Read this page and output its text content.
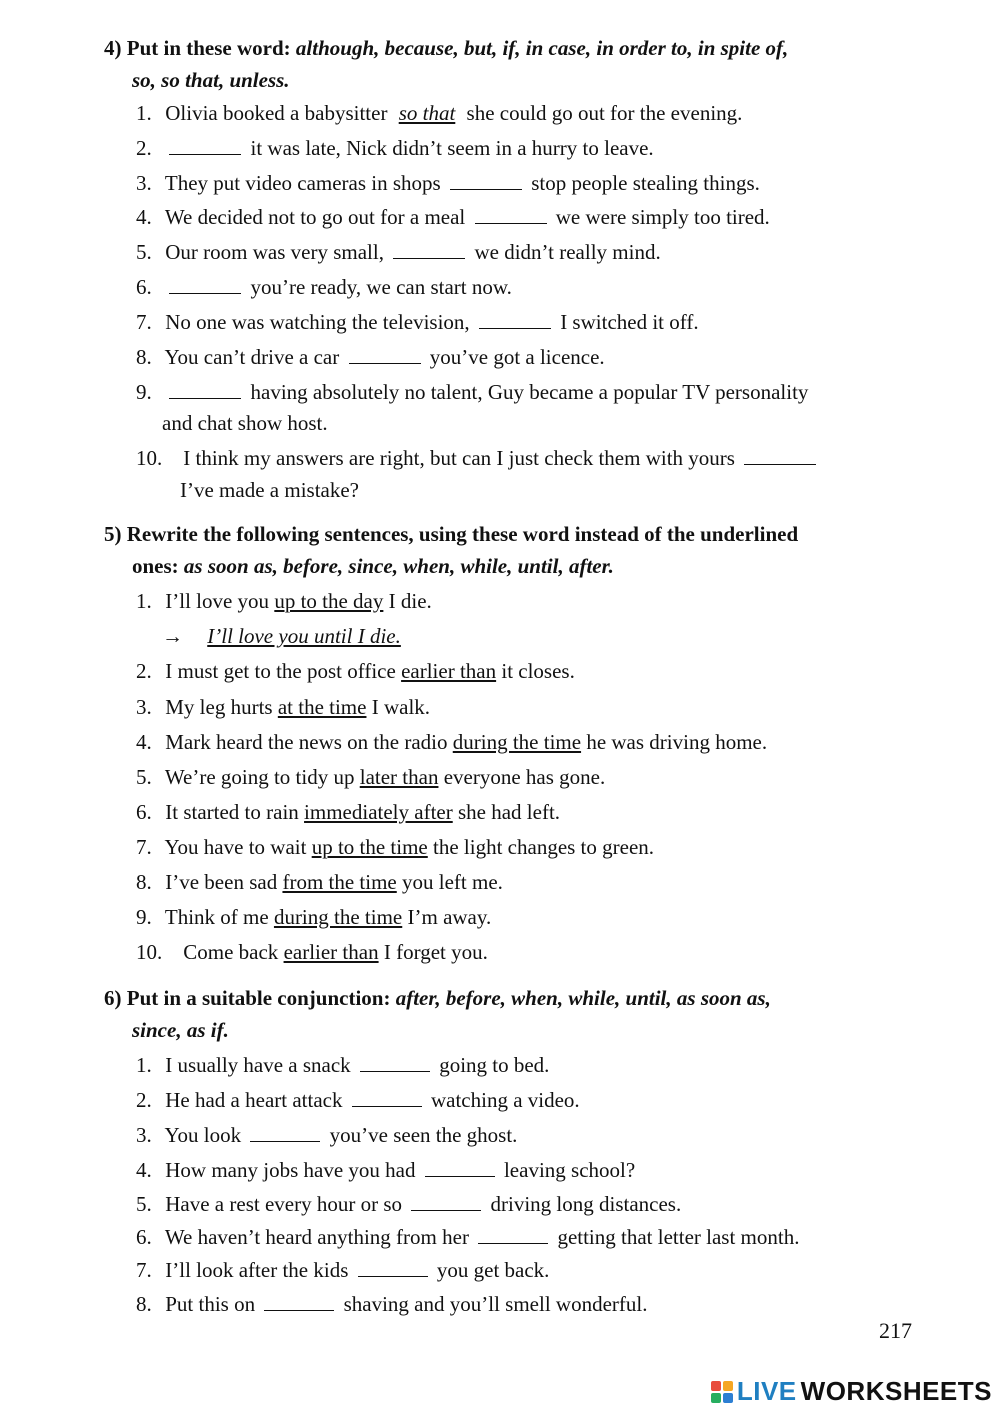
4) Put in these word: although, because, but, if, in case, in order to, in spite of,
so, so that, unless.
1. Olivia booked a babysitter so that she could go out for the evening.
2.	it was late, Nick didn’t seem in a hurry to leave.
3. They put video cameras in shops	stop people stealing things.
4. We decided not to go out for a meal	we were simply too tired.
5. Our room was very small,	we didn’t really mind.
6.	you’re ready, we can start now.
7. No one was watching the television,	I switched it off.
8. You can’t drive a car	you’ve got a licence.
9.	having absolutely no talent, Guy became a popular TV personality
and chat show host.
10. I think my answers are right, but can I just check them with yours
I’ve made a mistake?
5) Rewrite the following sentences, using these word instead of the underlined
ones: as soon as, before, since, when, while, until, after.
1. I’ll love you up to the day I die.
→ I’ll love you until I die.
2. I must get to the post office earlier than it closes.
3. My leg hurts at the time I walk.
4. Mark heard the news on the radio during the time he was driving home.
5. We’re going to tidy up later than everyone has gone.
6. It started to rain immediately after she had left.
7. You have to wait up to the time the light changes to green.
8. I’ve been sad from the time you left me.
9. Think of me during the time I’m away.
10. Come back earlier than I forget you.
6) Put in a suitable conjunction: after, before, when, while, until, as soon as,
since, as if.
1. I usually have a snack	going to bed.
2. He had a heart attack	watching a video.
3. You look	you’ve seen the ghost.
4. How many jobs have you had	leaving school?
5. Have a rest every hour or so	driving long distances.
6. We haven’t heard anything from her	getting that letter last month.
7. I’ll look after the kids	you get back.
8. Put this on	shaving and you’ll smell wonderful.
217
LIVE WORKSHEETS
